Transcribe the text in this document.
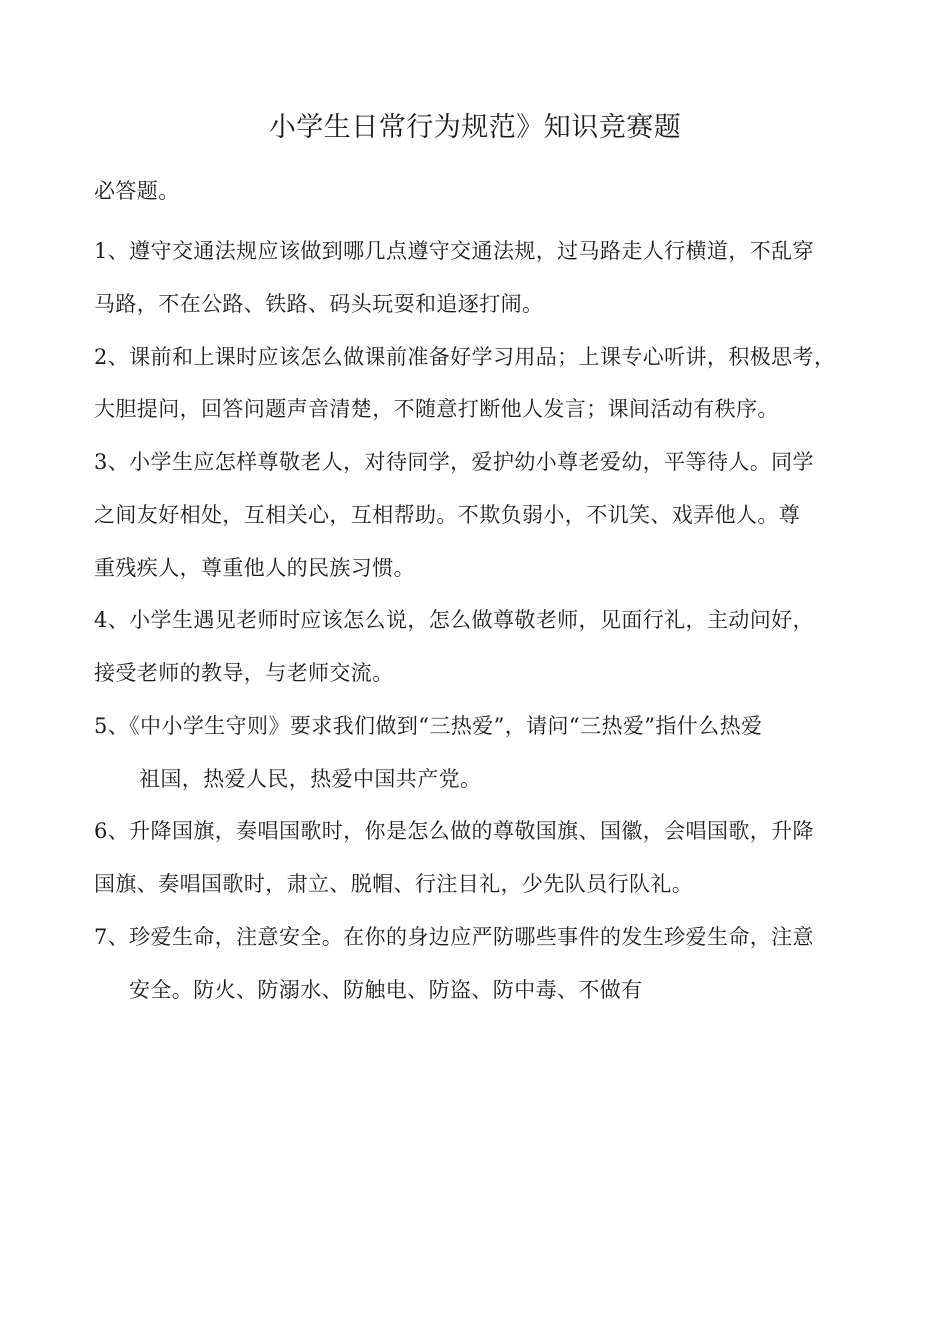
小学生日常行为规范》知识竞赛题
必答题。
1、遵守交通法规应该做到哪几点遵守交通法规，过马路走人行横道，不乱穿
马路，不在公路、铁路、码头玩耍和追逐打闹。
2、课前和上课时应该怎么做课前准备好学习用品；上课专心听讲，积极思考，
大胆提问，回答问题声音清楚，不随意打断他人发言；课间活动有秩序。
3、小学生应怎样尊敬老人，对待同学，爱护幼小尊老爱幼，平等待人。同学
之间友好相处，互相关心，互相帮助。不欺负弱小，不讥笑、戏弄他人。尊
重残疾人，尊重他人的民族习惯。
4、小学生遇见老师时应该怎么说，怎么做尊敬老师，见面行礼，主动问好，
接受老师的教导，与老师交流。
5、《中小学生守则》要求我们做到“三热爱”，请问“三热爱”指什么热爱
祖国，热爱人民，热爱中国共产党。
6、升降国旗，奏唱国歌时，你是怎么做的尊敬国旗、国徽，会唱国歌，升降
国旗、奏唱国歌时，肃立、脱帽、行注目礼，少先队员行队礼。
7、珍爱生命，注意安全。在你的身边应严防哪些事件的发生珍爱生命，注意
安全。防火、防溺水、防触电、防盗、防中毒、不做有
